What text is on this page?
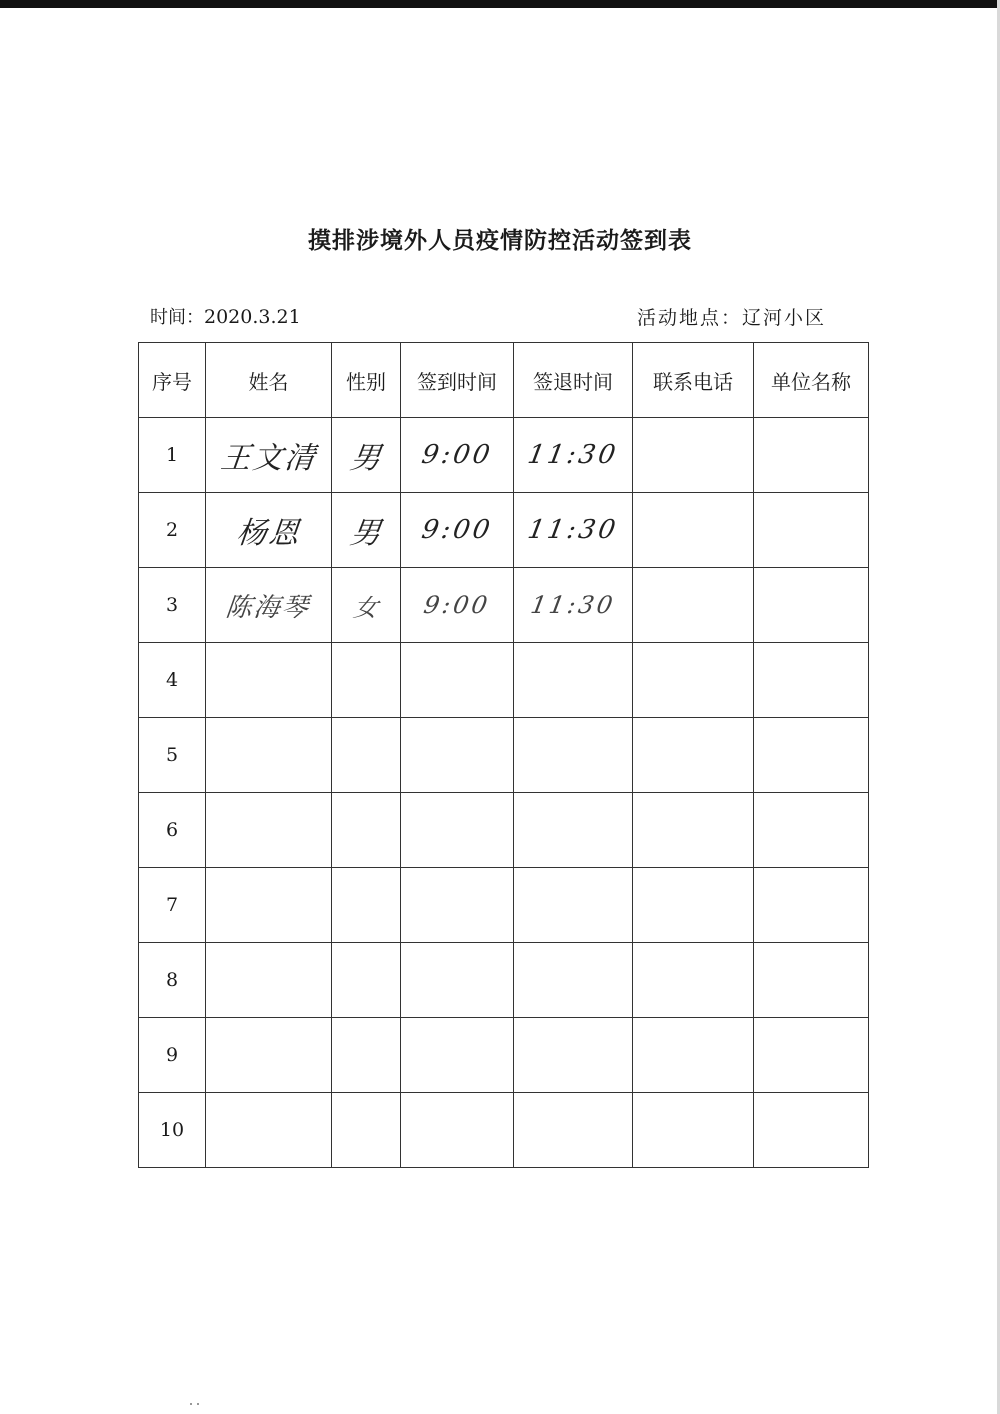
摸排涉境外人员疫情防控活动签到表
时间：2020.3.21	活动地点：辽河小区
序号	姓名	性别	签到时间	签退时间	联系电话	单位名称
1	王文清	男	9:00	11:30		
2	杨恩	男	9:00	11:30		
3	陈海琴	女	9:00	11:30		
4						
5						
6						
7						
8						
9						
10						
